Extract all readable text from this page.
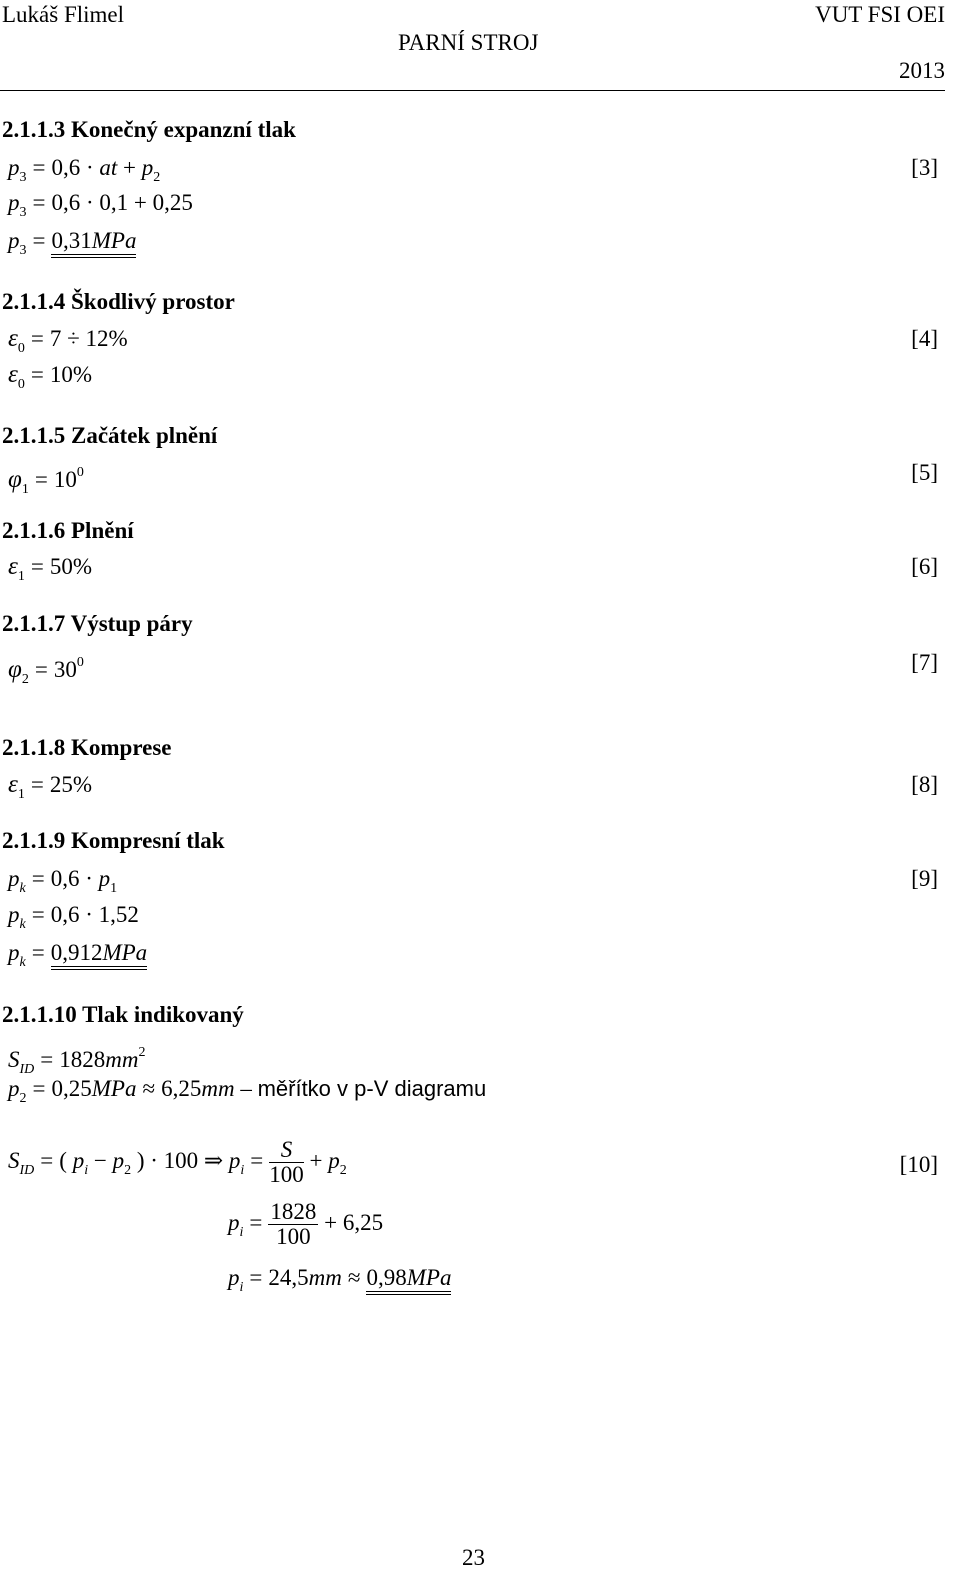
Lukáš Flimel
PARNÍ STROJ
VUT FSI OEI
2013
2.1.1.3 Konečný expanzní tlak
$p_3 = 0,6$ · at + $p_2$	[3]
$p_3 = 0,6 \cdot 0,1 + 0,25$
$p_3 = 0,31MPa$
2.1.1.4 Škodlivý prostor
$\varepsilon_0 = 7 \div 12\%$	[4]
$\varepsilon_0 = 10\%$
2.1.1.5 Začátek plnění
$\varphi_1 = 10^0$	[5]
2.1.1.6 Plnění
$\varepsilon_1 = 50\%$	[6]
2.1.1.7 Výstup páry
$\varphi_2 = 30^0$	[7]
2.1.1.8 Komprese
$\varepsilon_1 = 25\%$	[8]
2.1.1.9 Kompresní tlak
$p_k = 0,6 \cdot p_1$	[9]
$p_k = 0,6 \cdot 1,52$
$p_k = 0,912MPa$
2.1.1.10 Tlak indikovaný
$S_{ID} = 1828mm^2$
$p_2 = 0,25MPa \approx 6,25mm$ – měřítko v p-V diagramu
$S_{ID}$ = ( $p_i - p_2$ ) · 100 ⇒ $p_i = \frac{S}{100} + p_2$	[10]
$p_i = \frac{1828}{100} + 6,25$
$p_i = 24,5mm \approx 0,98MPa$
23
